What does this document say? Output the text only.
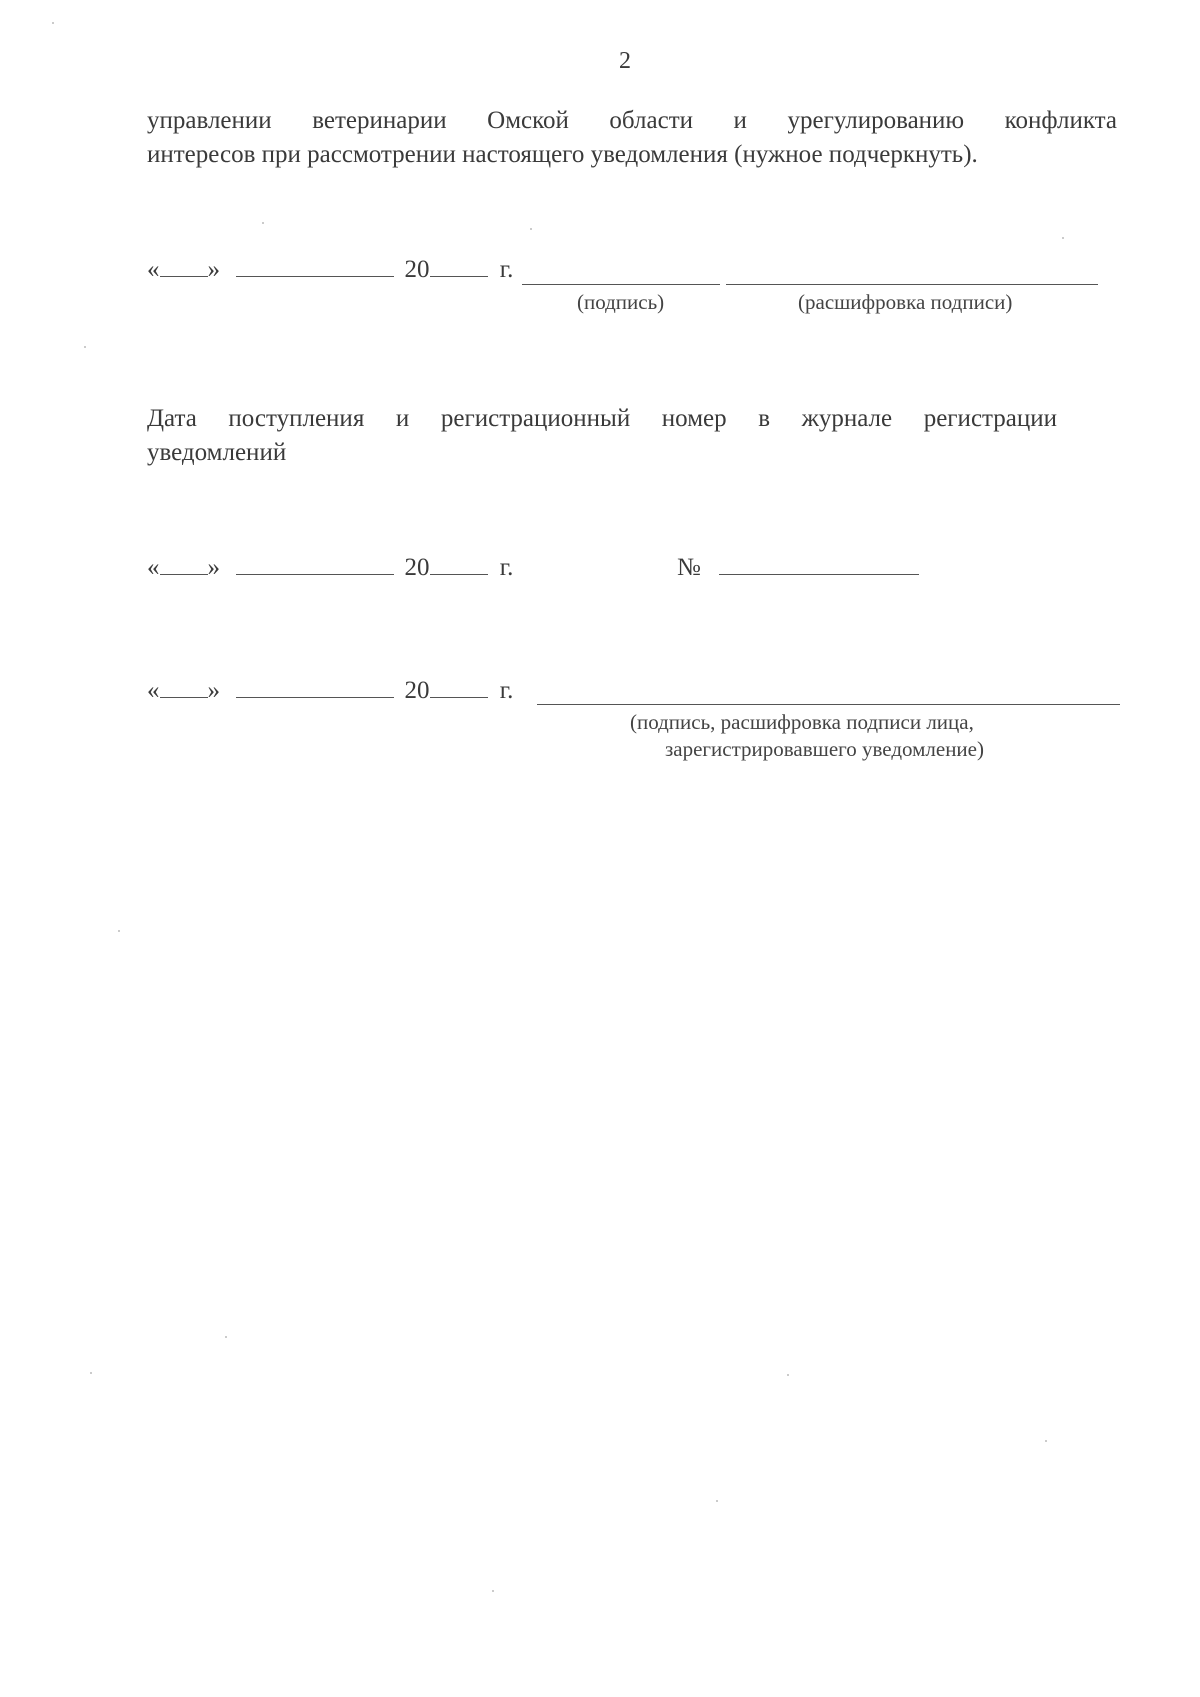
2
управлении ветеринарии Омской области и урегулированию конфликта
интересов при рассмотрении настоящего уведомления (нужное подчеркнуть).
« »	20	г.
(подпись)	(расшифровка подписи)
Дата поступления и регистрационный номер в журнале регистрации
уведомлений
« »	20	г.	№
« »	20	г.
(подпись, расшифровка подписи лица,
зарегистрировавшего уведомление)
